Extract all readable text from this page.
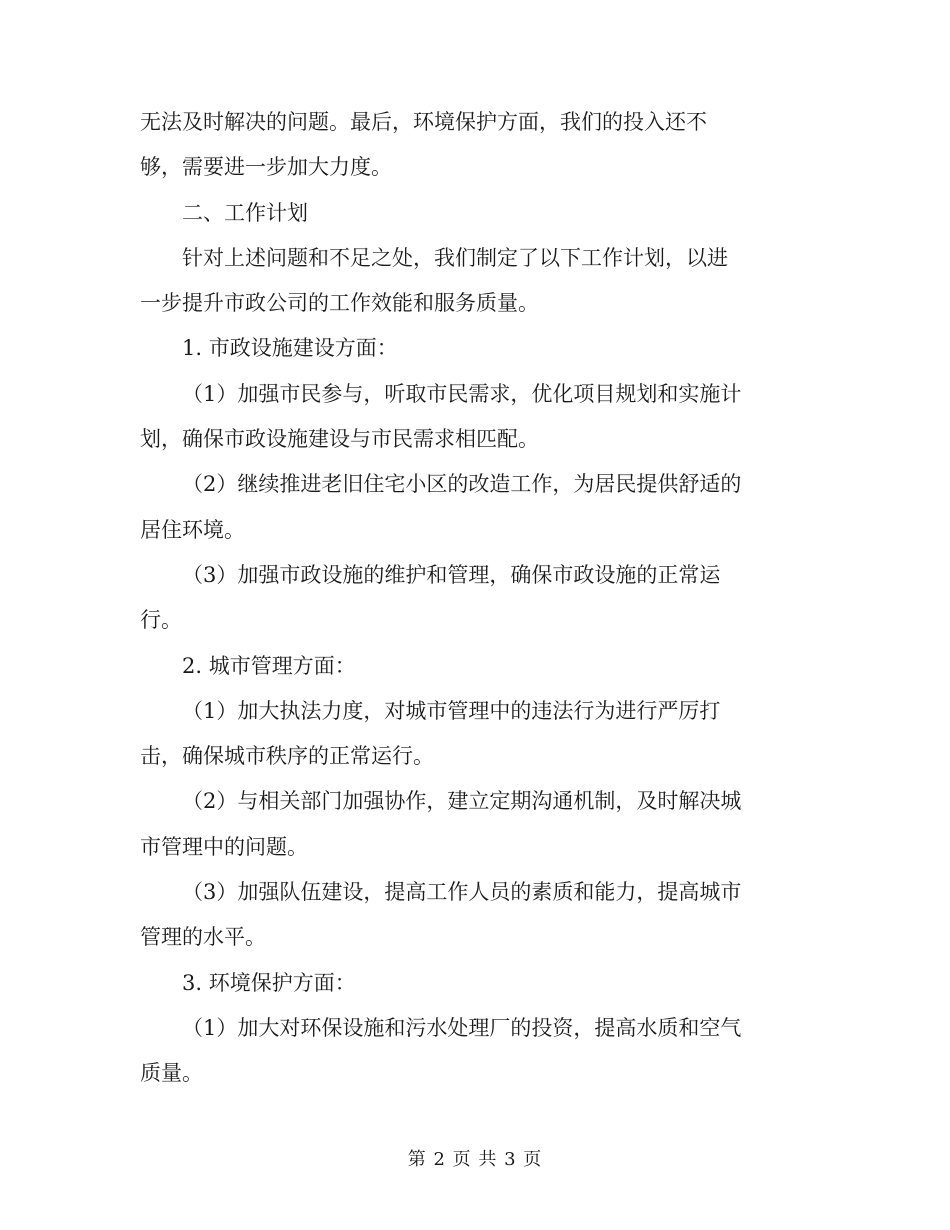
无法及时解决的问题。最后，环境保护方面，我们的投入还不
够，需要进一步加大力度。

二、工作计划

针对上述问题和不足之处，我们制定了以下工作计划，以进
一步提升市政公司的工作效能和服务质量。

1. 市政设施建设方面：

（1）加强市民参与，听取市民需求，优化项目规划和实施计
划，确保市政设施建设与市民需求相匹配。

（2）继续推进老旧住宅小区的改造工作，为居民提供舒适的
居住环境。

（3）加强市政设施的维护和管理，确保市政设施的正常运
行。

2. 城市管理方面：

（1）加大执法力度，对城市管理中的违法行为进行严厉打
击，确保城市秩序的正常运行。

（2）与相关部门加强协作，建立定期沟通机制，及时解决城
市管理中的问题。

（3）加强队伍建设，提高工作人员的素质和能力，提高城市
管理的水平。

3. 环境保护方面：

（1）加大对环保设施和污水处理厂的投资，提高水质和空气
质量。

第 2 页 共 3 页
